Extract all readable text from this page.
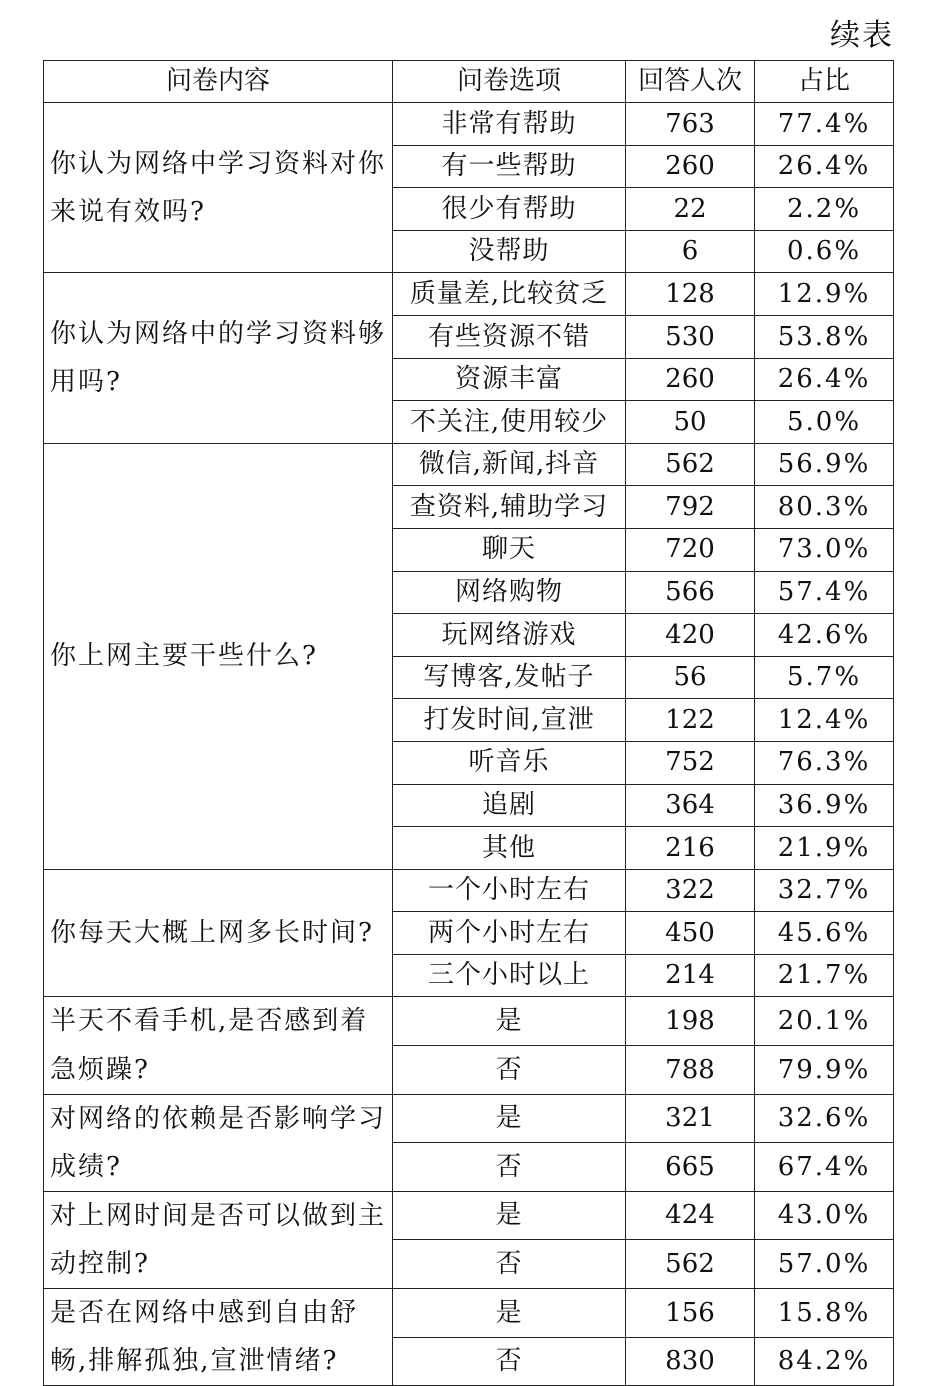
续表
问卷内容	问卷选项	回答人次	占比
你认为网络中学习资料对你来说有效吗?	非常有帮助	763	77.4%
	有一些帮助	260	26.4%
	很少有帮助	22	2.2%
	没帮助	6	0.6%
你认为网络中的学习资料够用吗?	质量差,比较贫乏	128	12.9%
	有些资源不错	530	53.8%
	资源丰富	260	26.4%
	不关注,使用较少	50	5.0%
你上网主要干些什么?	微信,新闻,抖音	562	56.9%
	查资料,辅助学习	792	80.3%
	聊天	720	73.0%
	网络购物	566	57.4%
	玩网络游戏	420	42.6%
	写博客,发帖子	56	5.7%
	打发时间,宣泄	122	12.4%
	听音乐	752	76.3%
	追剧	364	36.9%
	其他	216	21.9%
你每天大概上网多长时间?	一个小时左右	322	32.7%
	两个小时左右	450	45.6%
	三个小时以上	214	21.7%
半天不看手机,是否感到着急烦躁?	是	198	20.1%
	否	788	79.9%
对网络的依赖是否影响学习成绩?	是	321	32.6%
	否	665	67.4%
对上网时间是否可以做到主动控制?	是	424	43.0%
	否	562	57.0%
是否在网络中感到自由舒畅,排解孤独,宣泄情绪?	是	156	15.8%
	否	830	84.2%
